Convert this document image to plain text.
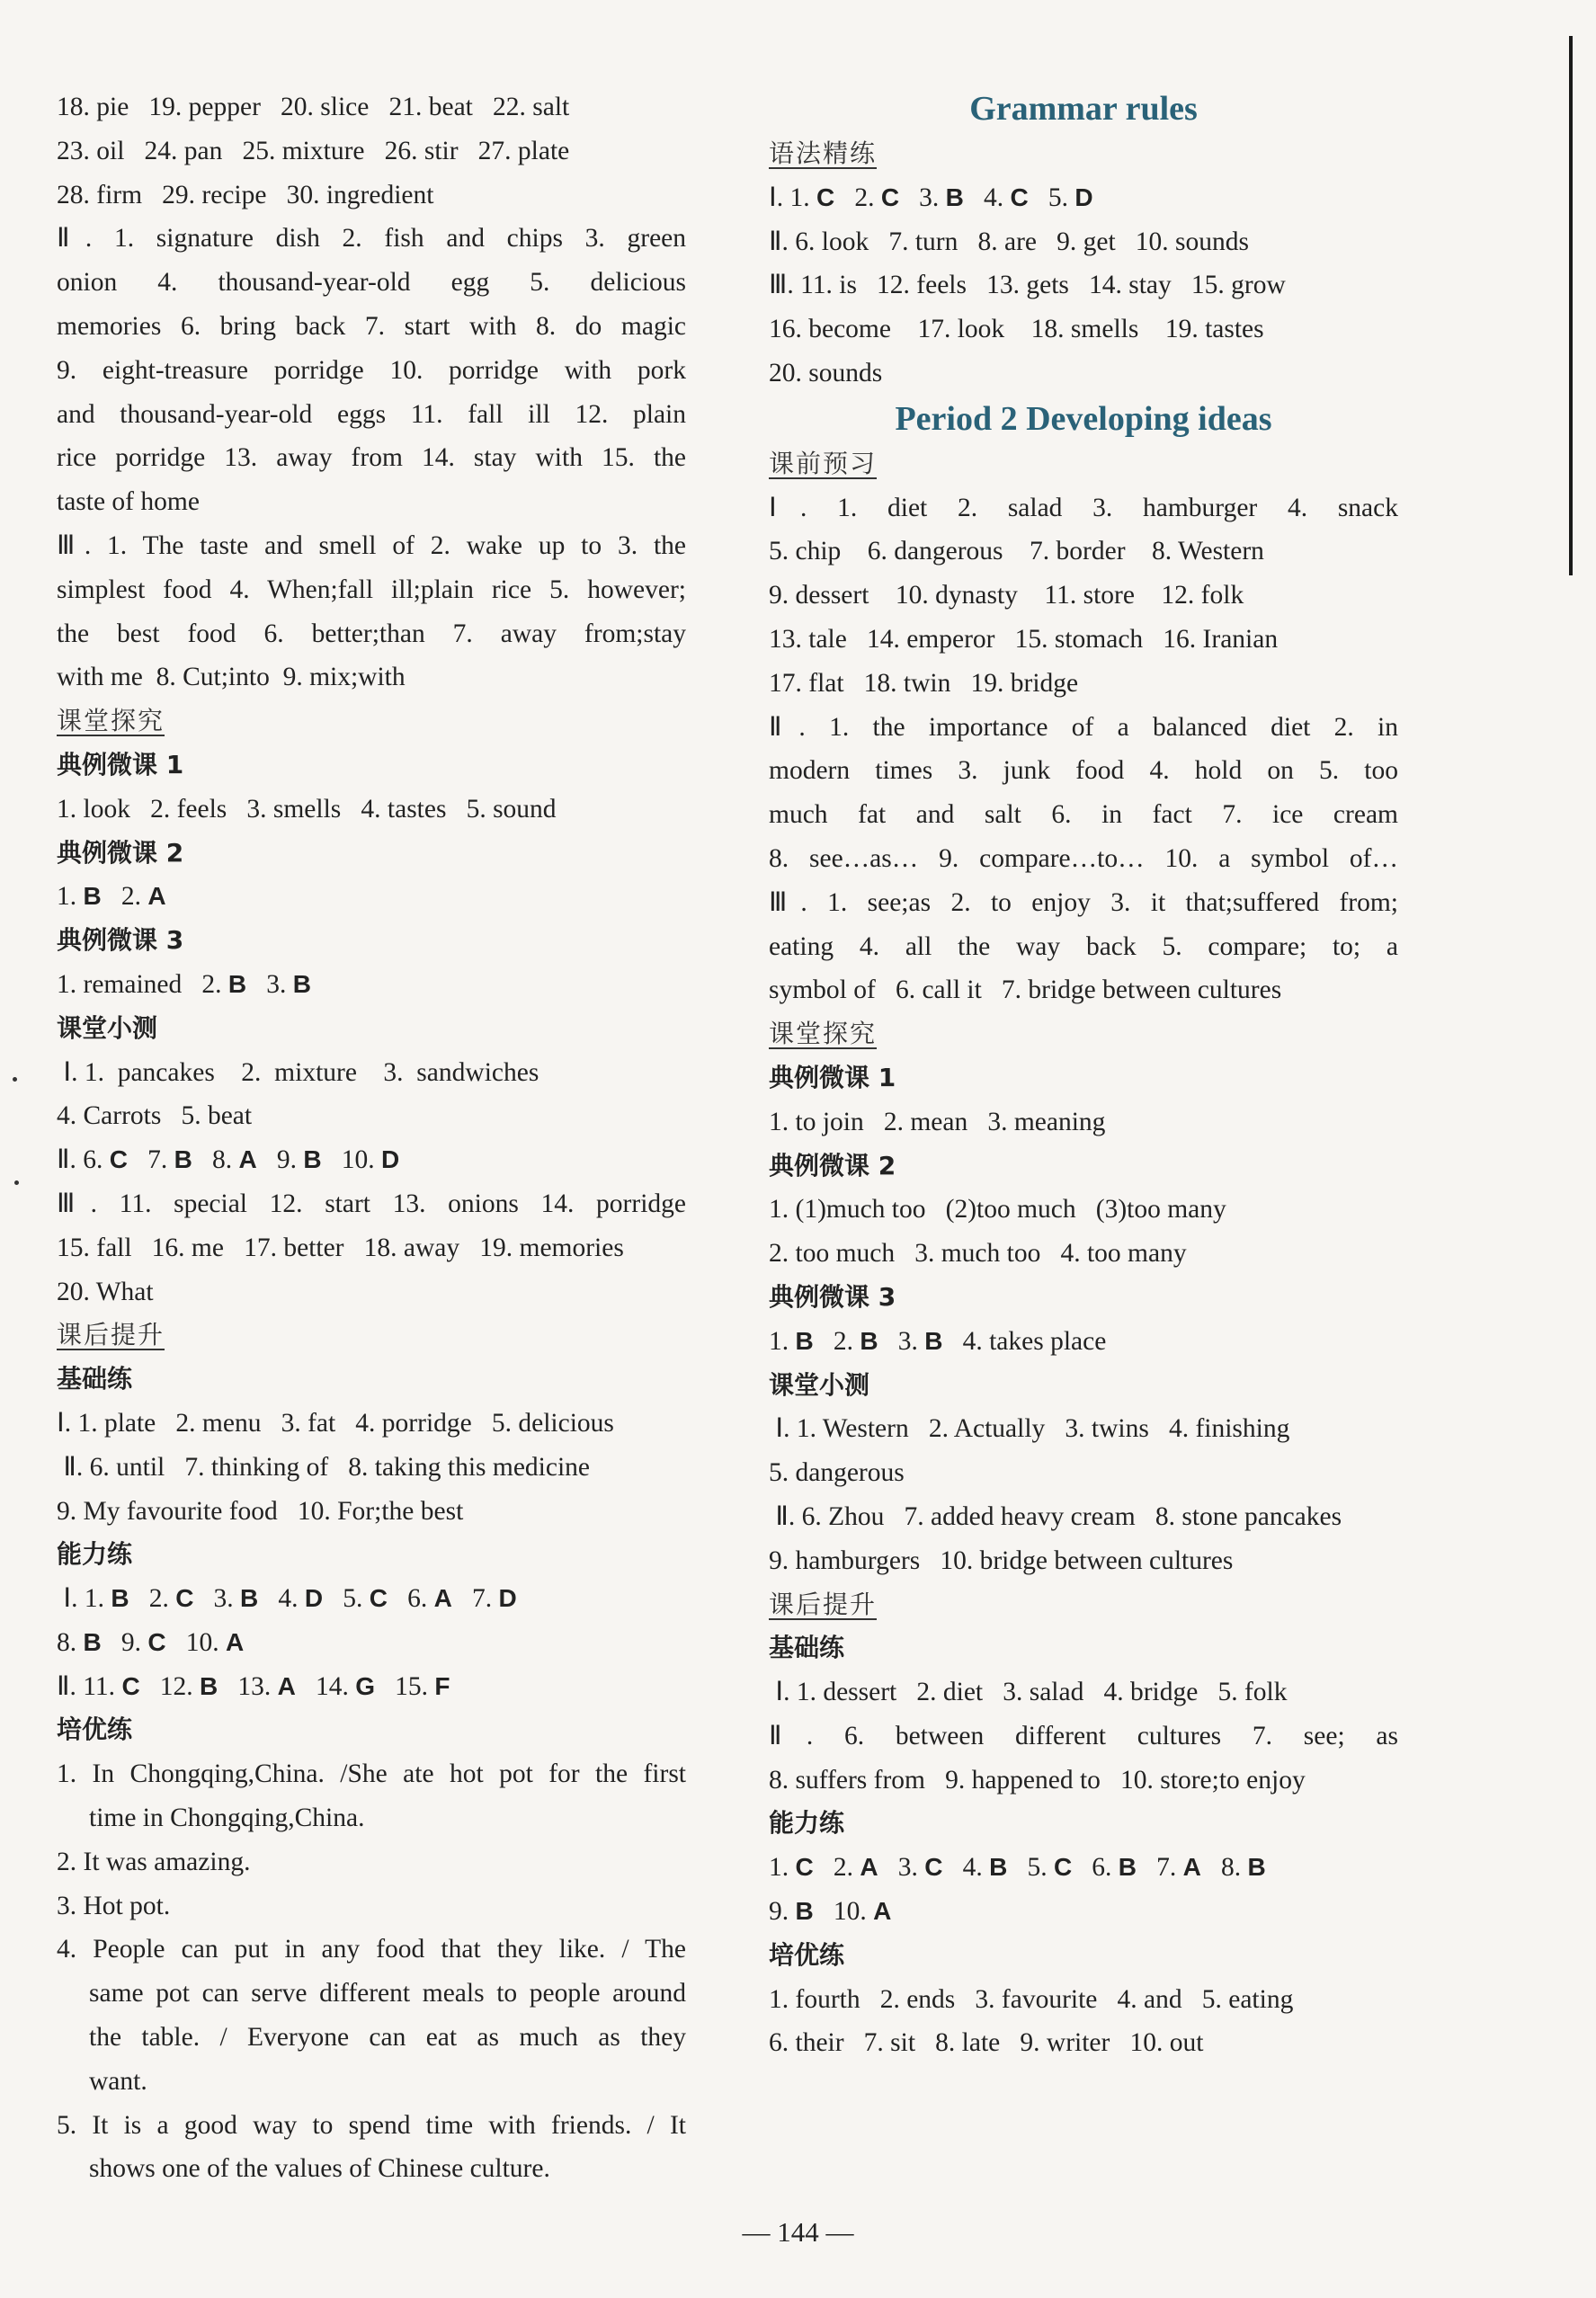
18. pie   19. pepper   20. slice   21. beat   22. salt
23. oil   24. pan   25. mixture   26. stir   27. plate
28. firm   29. recipe   30. ingredient
Ⅱ. 1. signature dish 2. fish and chips 3. green
onion 4. thousand-year-old egg 5. delicious
memories 6. bring back 7. start with 8. do magic
9. eight-treasure porridge 10. porridge with pork
and thousand-year-old eggs 11. fall ill 12. plain
rice porridge 13. away from 14. stay with 15. the
taste of home
Ⅲ. 1. The taste and smell of 2. wake up to 3. the
simplest food 4. When;fall ill;plain rice 5. however;
the best food 6. better;than 7. away from;stay
with me  8. Cut;into  9. mix;with
课堂探究
典例微课 1
1. look   2. feels   3. smells   4. tastes   5. sound
典例微课 2
1. B   2. A
典例微课 3
1. remained   2. B   3. B
课堂小测
Ⅰ. 1.  pancakes    2.  mixture    3.  sandwiches
4. Carrots   5. beat
Ⅱ. 6. C   7. B   8. A   9. B   10. D
Ⅲ. 11. special 12. start 13. onions 14. porridge
15. fall   16. me   17. better   18. away   19. memories
20. What
课后提升
基础练
Ⅰ. 1. plate   2. menu   3. fat   4. porridge   5. delicious
Ⅱ. 6. until   7. thinking of   8. taking this medicine
9. My favourite food   10. For;the best
能力练
Ⅰ. 1. B   2. C   3. B   4. D   5. C   6. A   7. D
8. B   9. C   10. A
Ⅱ. 11. C   12. B   13. A   14. G   15. F
培优练
1. In Chongqing,China. /She ate hot pot for the first
time in Chongqing,China.
2. It was amazing.
3. Hot pot.
4. People can put in any food that they like. / The
same pot can serve different meals to people around
the table. / Everyone can eat as much as they
want.
5. It is a good way to spend time with friends. / It
shows one of the values of Chinese culture.
Grammar rules
语法精练
Ⅰ. 1. C   2. C   3. B   4. C   5. D
Ⅱ. 6. look   7. turn   8. are   9. get   10. sounds
Ⅲ. 11. is   12. feels   13. gets   14. stay   15. grow
16. become    17. look    18. smells    19. tastes
20. sounds
Period 2 Developing ideas
课前预习
Ⅰ. 1. diet 2. salad 3. hamburger 4. snack
5. chip    6. dangerous    7. border    8. Western
9. dessert    10. dynasty    11. store    12. folk
13. tale   14. emperor   15. stomach   16. Iranian
17. flat   18. twin   19. bridge
Ⅱ. 1. the importance of a balanced diet 2. in
modern times 3. junk food 4. hold on 5. too
much fat and salt 6. in fact 7. ice cream
8. see…as… 9. compare…to… 10. a symbol of…
Ⅲ. 1. see;as 2. to enjoy 3. it that;suffered from;
eating 4. all the way back 5. compare; to; a
symbol of   6. call it   7. bridge between cultures
课堂探究
典例微课 1
1. to join   2. mean   3. meaning
典例微课 2
1. (1)much too   (2)too much   (3)too many
2. too much   3. much too   4. too many
典例微课 3
1. B   2. B   3. B   4. takes place
课堂小测
Ⅰ. 1. Western   2. Actually   3. twins   4. finishing
5. dangerous
Ⅱ. 6. Zhou   7. added heavy cream   8. stone pancakes
9. hamburgers   10. bridge between cultures
课后提升
基础练
Ⅰ. 1. dessert   2. diet   3. salad   4. bridge   5. folk
Ⅱ. 6. between different cultures 7. see; as
8. suffers from   9. happened to   10. store;to enjoy
能力练
1. C   2. A   3. C   4. B   5. C   6. B   7. A   8. B
9. B   10. A
培优练
1. fourth   2. ends   3. favourite   4. and   5. eating
6. their   7. sit   8. late   9. writer   10. out
— 144 —
